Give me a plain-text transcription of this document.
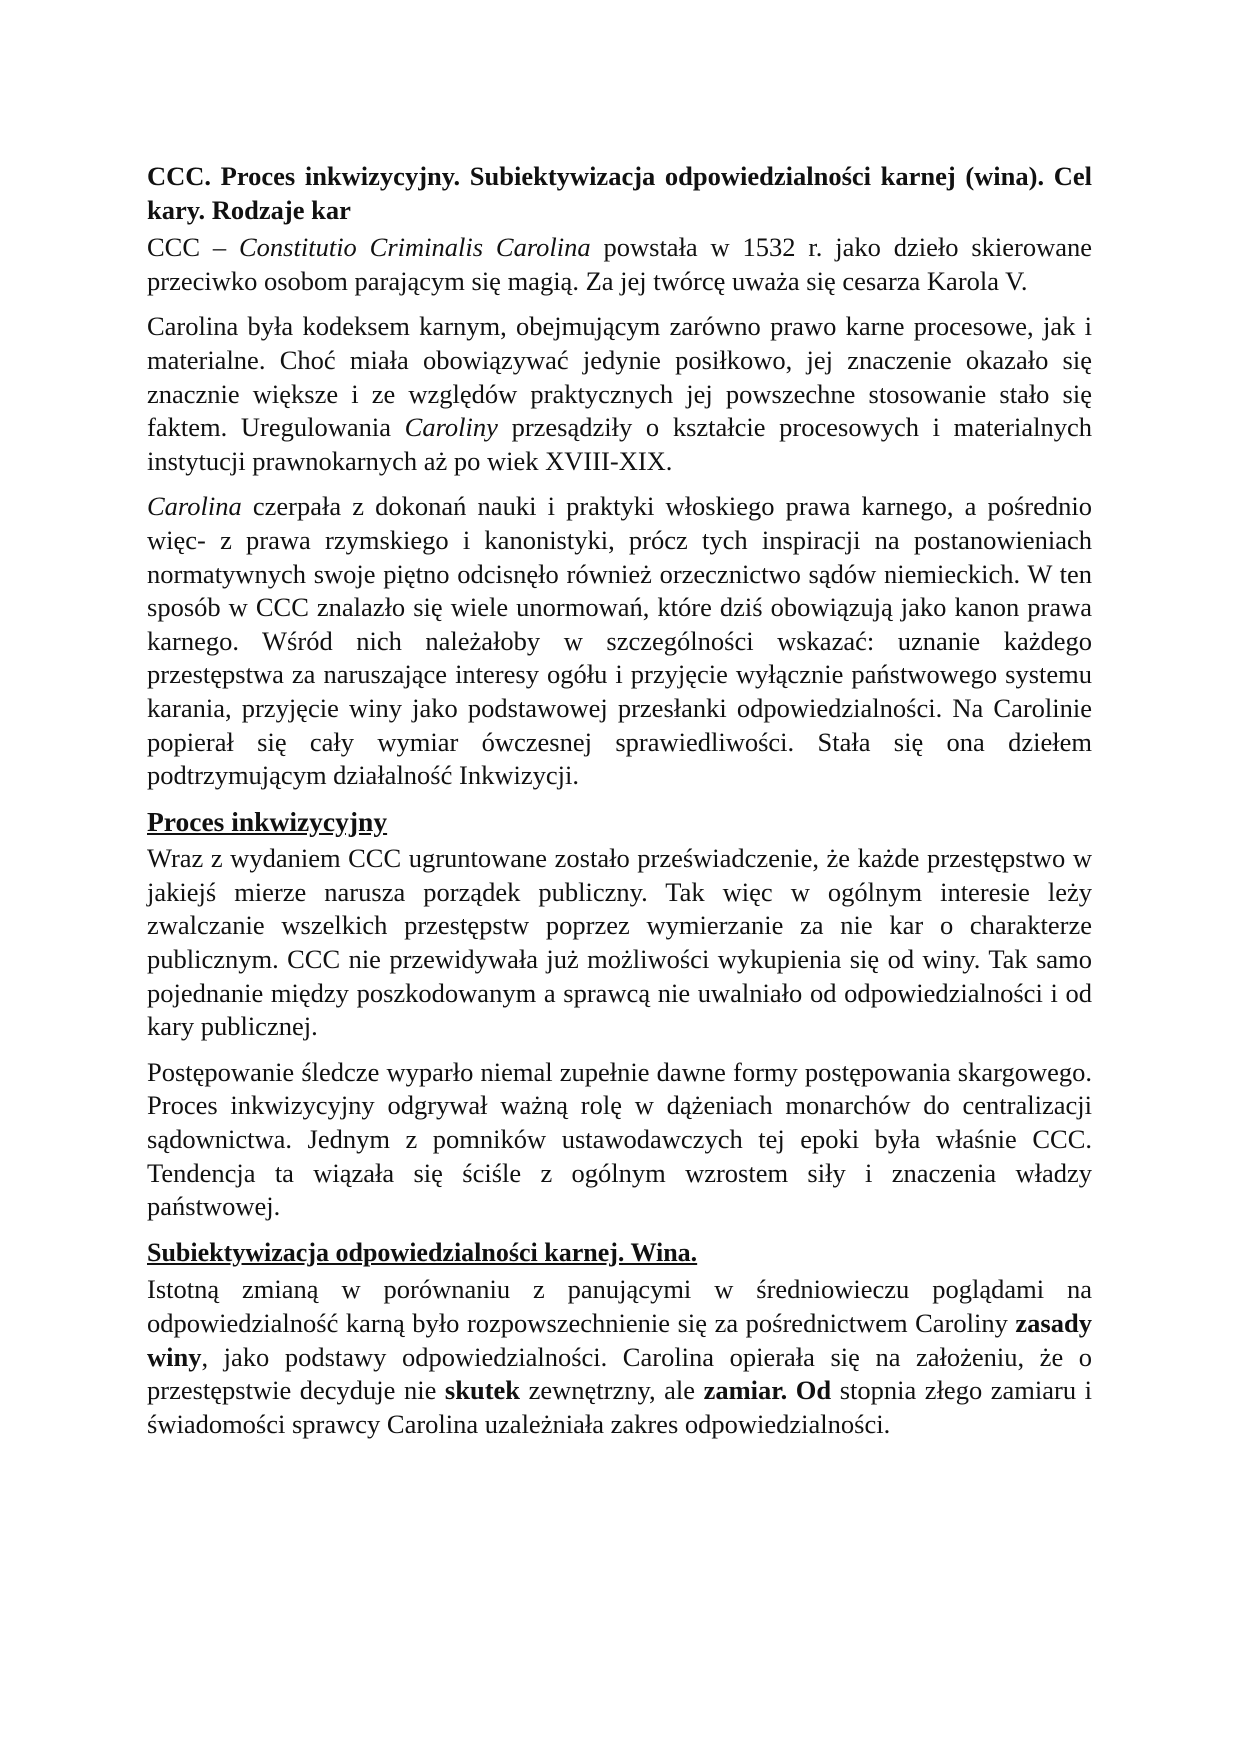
CCC. Proces inkwizycyjny. Subiektywizacja odpowiedzialności karnej (wina). Cel kary. Rodzaje kar

CCC – Constitutio Criminalis Carolina powstała w 1532 r. jako dzieło skierowane przeciwko osobom parającym się magią. Za jej twórcę uważa się cesarza Karola V.

Carolina była kodeksem karnym, obejmującym zarówno prawo karne procesowe, jak i materialne. Choć miała obowiązywać jedynie posiłkowo, jej znaczenie okazało się znacznie większe i ze względów praktycznych jej powszechne stosowanie stało się faktem. Uregulowania Caroliny przesądziły o kształcie procesowych i materialnych instytucji prawnokarnych aż po wiek XVIII-XIX.

Carolina czerpała z dokonań nauki i praktyki włoskiego prawa karnego, a pośrednio więc- z prawa rzymskiego i kanonistyki, prócz tych inspiracji na postanowieniach normatywnych swoje piętno odcisnęło również orzecznictwo sądów niemieckich. W ten sposób w CCC znalazło się wiele unormowań, które dziś obowiązują jako kanon prawa karnego. Wśród nich należałoby w szczególności wskazać: uznanie każdego przestępstwa za naruszające interesy ogółu i przyjęcie wyłącznie państwowego systemu karania, przyjęcie winy jako podstawowej przesłanki odpowiedzialności. Na Carolinie popierał się cały wymiar ówczesnej sprawiedliwości. Stała się ona dziełem podtrzymującym działalność Inkwizycji.

Proces inkwizycyjny

Wraz z wydaniem CCC ugruntowane zostało przeświadczenie, że każde przestępstwo w jakiejś mierze narusza porządek publiczny. Tak więc w ogólnym interesie leży zwalczanie wszelkich przestępstw poprzez wymierzanie za nie kar o charakterze publicznym. CCC nie przewidywała już możliwości wykupienia się od winy. Tak samo pojednanie między poszkodowanym a sprawcą nie uwalniało od odpowiedzialności i od kary publicznej.

Postępowanie śledcze wyparło niemal zupełnie dawne formy postępowania skargowego. Proces inkwizycyjny odgrywał ważną rolę w dążeniach monarchów do centralizacji sądownictwa. Jednym z pomników ustawodawczych tej epoki była właśnie CCC. Tendencja ta wiązała się ściśle z ogólnym wzrostem siły i znaczenia władzy państwowej.

Subiektywizacja odpowiedzialności karnej. Wina.

Istotną zmianą w porównaniu z panującymi w średniowieczu poglądami na odpowiedzialność karną było rozpowszechnienie się za pośrednictwem Caroliny zasady winy, jako podstawy odpowiedzialności. Carolina opierała się na założeniu, że o przestępstwie decyduje nie skutek zewnętrzny, ale zamiar. Od stopnia złego zamiaru i świadomości sprawcy Carolina uzależniała zakres odpowiedzialności.
